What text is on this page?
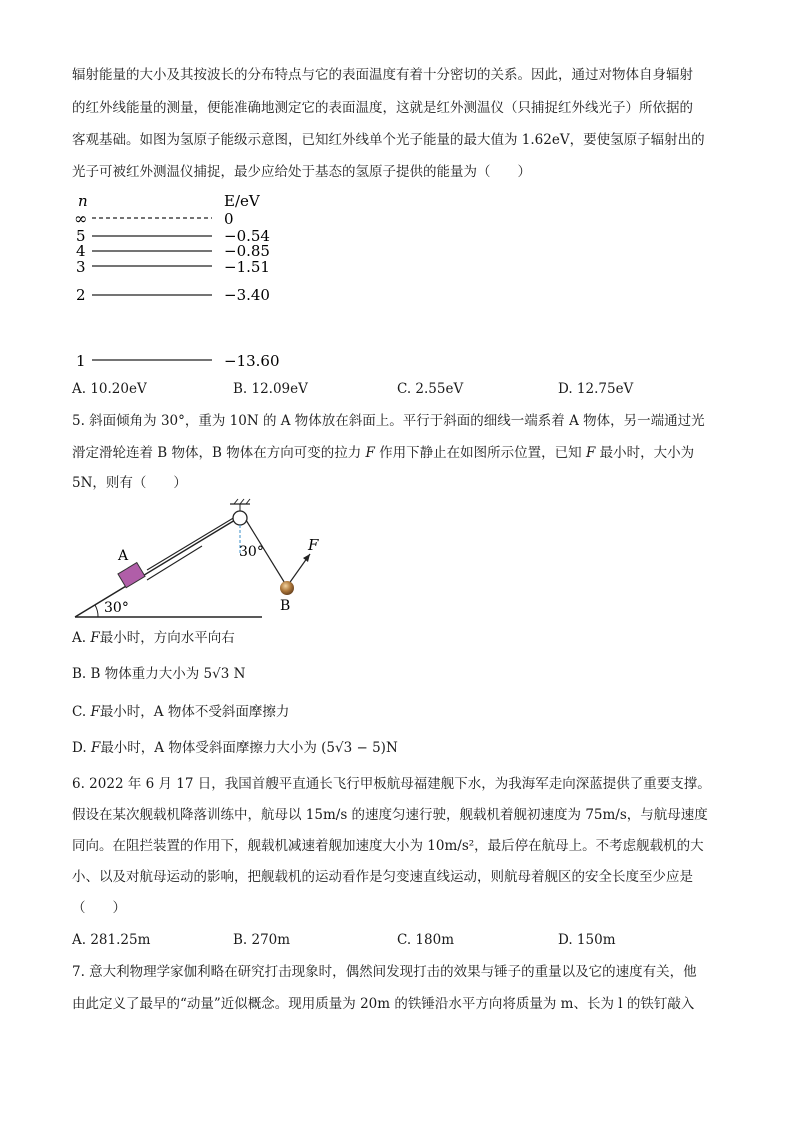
辐射能量的大小及其按波长的分布特点与它的表面温度有着十分密切的关系。因此，通过对物体自身辐射
的红外线能量的测量，便能准确地测定它的表面温度，这就是红外测温仪（只捕捉红外线光子）所依据的
客观基础。如图为氢原子能级示意图，已知红外线单个光子能量的最大值为 1.62eV，要使氢原子辐射出的
光子可被红外测温仪捕捉，最少应给处于基态的氢原子提供的能量为（　　）
n	E/eV
∞	0
5	−0.54
4	−0.85
3	−1.51
2	−3.40
1	−13.60
A. 10.20eV	B. 12.09eV	C. 2.55eV	D. 12.75eV
5. 斜面倾角为 30°，重为 10N 的 A 物体放在斜面上。平行于斜面的细线一端系着 A 物体，另一端通过光
滑定滑轮连着 B 物体，B 物体在方向可变的拉力 F 作用下静止在如图所示位置，已知 F 最小时，大小为
5N，则有（　　）
30°
A	30°	F
B
A. F最小时，方向水平向右
B. B 物体重力大小为 5√3 N
C. F最小时，A 物体不受斜面摩擦力
D. F最小时，A 物体受斜面摩擦力大小为 (5√3 − 5)N
6. 2022 年 6 月 17 日，我国首艘平直通长飞行甲板航母福建舰下水，为我海军走向深蓝提供了重要支撑。
假设在某次舰载机降落训练中，航母以 15m/s 的速度匀速行驶，舰载机着舰初速度为 75m/s，与航母速度
同向。在阻拦装置的作用下，舰载机减速着舰加速度大小为 10m/s²，最后停在航母上。不考虑舰载机的大
小、以及对航母运动的影响，把舰载机的运动看作是匀变速直线运动，则航母着舰区的安全长度至少应是
（　　）
A. 281.25m	B. 270m	C. 180m	D. 150m
7. 意大利物理学家伽利略在研究打击现象时，偶然间发现打击的效果与锤子的重量以及它的速度有关，他
由此定义了最早的“动量”近似概念。现用质量为 20m 的铁锤沿水平方向将质量为 m、长为 l 的铁钉敲入
